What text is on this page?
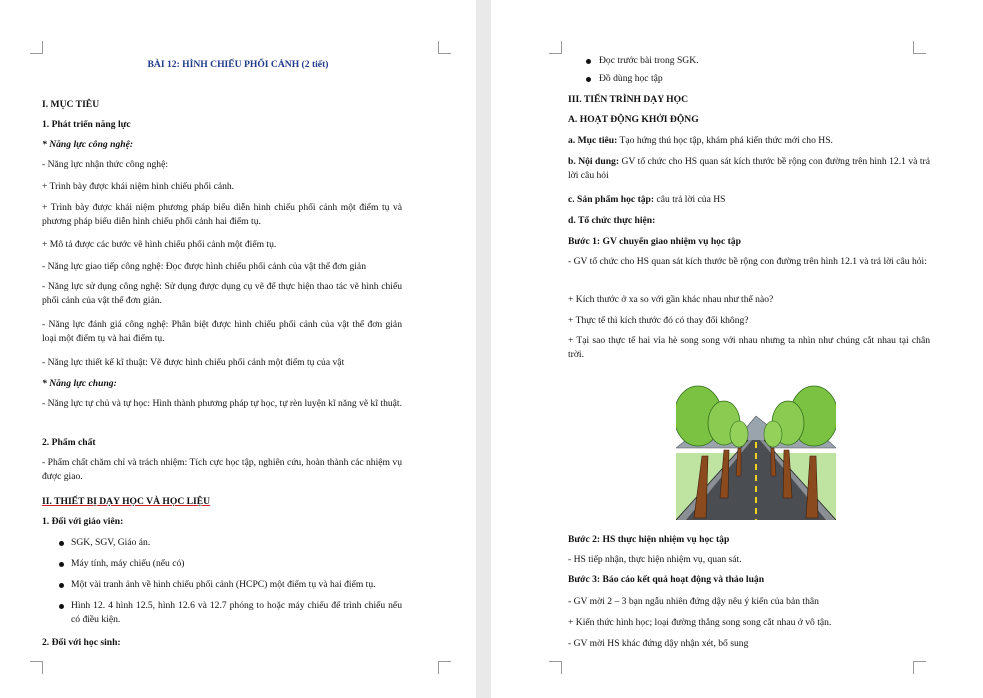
BÀI 12: HÌNH CHIẾU PHỐI CẢNH (2 tiết)
I. MỤC TIÊU
1. Phát triển năng lực
* Năng lực công nghệ:
- Năng lực nhận thức công nghệ:
+ Trình bày được khái niệm hình chiếu phối cảnh.
+ Trình bày được khái niệm phương pháp biểu diễn hình chiếu phối cảnh một điểm tụ và phương pháp biểu diễn hình chiếu phối cảnh hai điểm tụ.
+ Mô tả được các bước vẽ hình chiếu phối cảnh một điểm tụ.
- Năng lực giao tiếp công nghệ: Đọc được hình chiếu phối cảnh của vật thể đơn giản
- Năng lực sử dụng công nghệ: Sử dụng được dụng cụ vẽ để thực hiện thao tác vẽ hình chiếu phối cảnh của vật thể đơn giản.
- Năng lực đánh giá công nghệ: Phân biệt được hình chiếu phối cảnh của vật thể đơn giản loại một điểm tụ và hai điểm tụ.
- Năng lực thiết kế kĩ thuật: Vẽ được hình chiếu phối cảnh một điểm tụ của vật
* Năng lực chung:
- Năng lực tự chủ và tự học: Hình thành phương pháp tự học, tự rèn luyện kĩ năng vẽ kĩ thuật.
2. Phẩm chất
- Phẩm chất chăm chỉ và trách nhiệm: Tích cực học tập, nghiên cứu, hoàn thành các nhiệm vụ được giao.
II. THIẾT BỊ DẠY HỌC VÀ HỌC LIỆU
1. Đối với giáo viên:
SGK, SGV, Giáo án.
Máy tính, máy chiếu (nếu có)
Một vài tranh ảnh về hình chiếu phối cảnh (HCPC) một điểm tụ và hai điểm tụ.
Hình 12. 4 hình 12.5, hình 12.6 và 12.7 phóng to hoặc máy chiếu để trình chiếu nếu có điều kiện.
2. Đối với học sinh:
Đọc trước bài trong SGK.
Đồ dùng học tập
III. TIẾN TRÌNH DẠY HỌC
A. HOẠT ĐỘNG KHỞI ĐỘNG
a. Mục tiêu: Tạo hứng thú học tập, khám phá kiến thức mới cho HS.
b. Nội dung: GV tổ chức cho HS quan sát kích thước bề rộng con đường trên hình 12.1 và trả lời câu hỏi
c. Sản phẩm học tập: câu trả lời của HS
d. Tổ chức thực hiện:
Bước 1: GV chuyển giao nhiệm vụ học tập
- GV tổ chức cho HS quan sát kích thước bề rộng con đường trên hình 12.1 và trả lời câu hỏi:
+ Kích thước ở xa so với gần khác nhau như thế nào?
+ Thực tế thì kích thước đó có thay đổi không?
+ Tại sao thực tế hai vỉa hè song song với nhau nhưng ta nhìn như chúng cắt nhau tại chân trời.
Bước 2: HS thực hiện nhiệm vụ học tập
- HS tiếp nhận, thực hiện nhiệm vụ, quan sát.
Bước 3: Báo cáo kết quả hoạt động và thảo luận
- GV mời 2 – 3 bạn ngẫu nhiên đứng dậy nêu ý kiến của bản thân
+ Kiến thức hình học; loại đường thẳng song song cắt nhau ở vô tận.
- GV mời HS khác đứng dậy nhận xét, bổ sung
